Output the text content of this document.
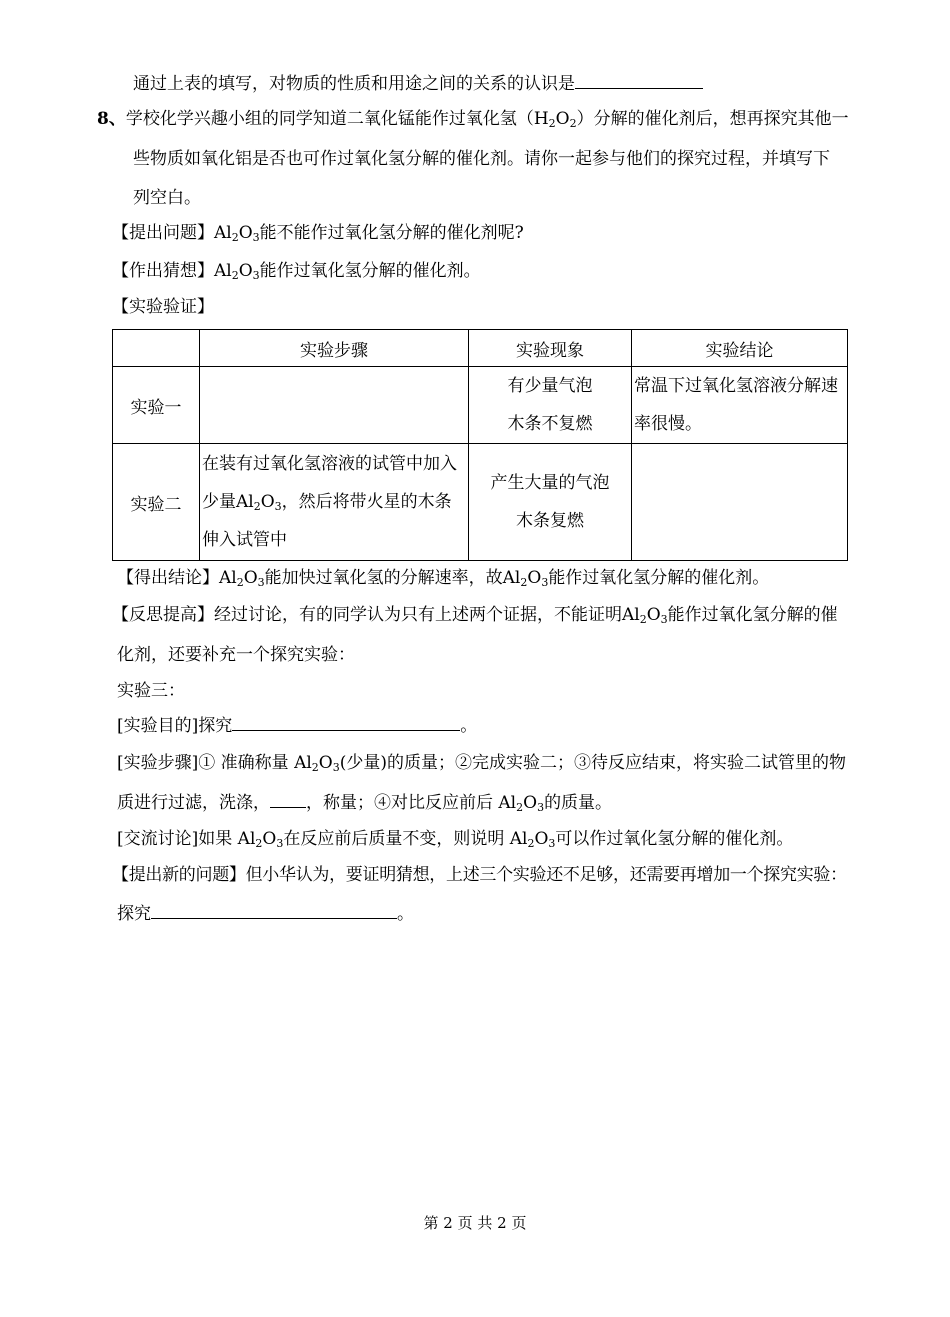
通过上表的填写，对物质的性质和用途之间的关系的认识是
8、学校化学兴趣小组的同学知道二氧化锰能作过氧化氢$(H_2O_2)$分解的催化剂后，想再探究其他一
些物质如氧化铝是否也可作过氧化氢分解的催化剂。请你一起参与他们的探究过程，并填写下
列空白。
【提出问题】$Al_2O_3$能不能作过氧化氢分解的催化剂呢?
【作出猜想】$Al_2O_3$能作过氧化氢分解的催化剂。
【实验验证】
	实验步骤	实验现象	实验结论
实验一		有少量气泡
木条不复燃	常温下过氧化氢溶液分解速率很慢。
实验二	在装有过氧化氢溶液的试管中加入少量$Al_2O_3$，然后将带火星的木条伸入试管中	产生大量的气泡
木条复燃	
【得出结论】$Al_2O_3$能加快过氧化氢的分解速率，故$Al_2O_3$能作过氧化氢分解的催化剂。
【反思提高】经过讨论，有的同学认为只有上述两个证据，不能证明$Al_2O_3$能作过氧化氢分解的催
化剂，还要补充一个探究实验：
实验三：
[实验目的]探究	。
[实验步骤]① 准确称量 $Al_2O_3$(少量)的质量；②完成实验二；③待反应结束，将实验二试管里的物
质进行过滤，洗涤， ，称量；④对比反应前后 $Al_2O_3$的质量。
[交流讨论]如果 $Al_2O_3$在反应前后质量不变，则说明 $Al_2O_3$可以作过氧化氢分解的催化剂。
【提出新的问题】但小华认为，要证明猜想，上述三个实验还不足够，还需要再增加一个探究实验：
探究	。
第 2 页 共 2 页
